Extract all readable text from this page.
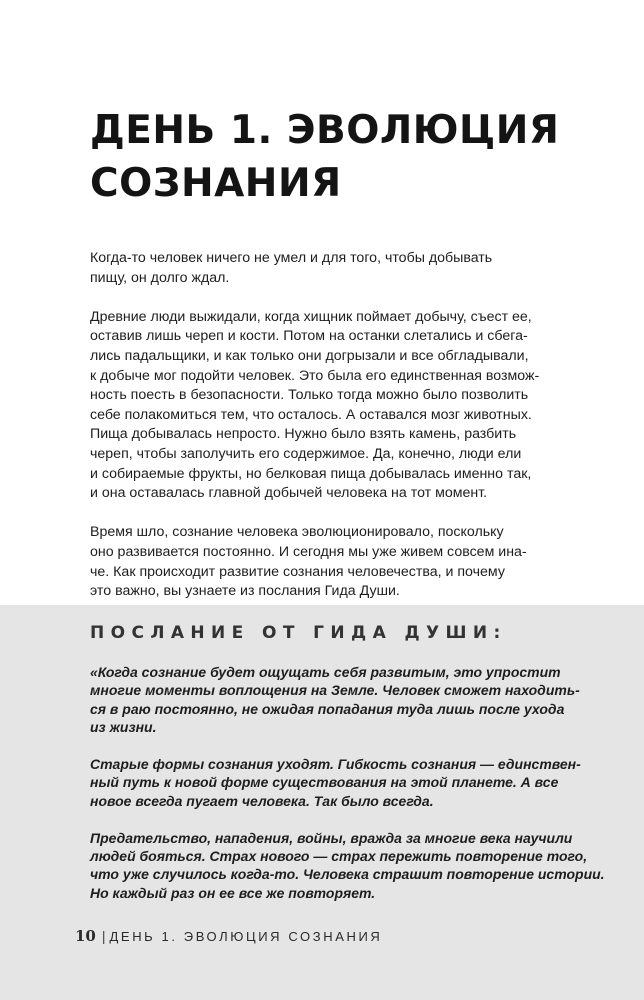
ДЕНЬ 1. ЭВОЛЮЦИЯ
СОЗНАНИЯ

Когда-то человек ничего не умел и для того, чтобы добывать
пищу, он долго ждал.

Древние люди выжидали, когда хищник поймает добычу, съест ее,
оставив лишь череп и кости. Потом на останки слетались и сбега-
лись падальщики, и как только они догрызали и все обгладывали,
к добыче мог подойти человек. Это была его единственная возмож-
ность поесть в безопасности. Только тогда можно было позволить
себе полакомиться тем, что осталось. А оставался мозг животных.
Пища добывалась непросто. Нужно было взять камень, разбить
череп, чтобы заполучить его содержимое. Да, конечно, люди ели
и собираемые фрукты, но белковая пища добывалась именно так,
и она оставалась главной добычей человека на тот момент.

Время шло, сознание человека эволюционировало, поскольку
оно развивается постоянно. И сегодня мы уже живем совсем ина-
че. Как происходит развитие сознания человечества, и почему
это важно, вы узнаете из послания Гида Души.

ПОСЛАНИЕ ОТ ГИДА ДУШИ:

«Когда сознание будет ощущать себя развитым, это упростит
многие моменты воплощения на Земле. Человек сможет находить-
ся в раю постоянно, не ожидая попадания туда лишь после ухода
из жизни.

Старые формы сознания уходят. Гибкость сознания — единствен-
ный путь к новой форме существования на этой планете. А все
новое всегда пугает человека. Так было всегда.

Предательство, нападения, войны, вражда за многие века научили
людей бояться. Страх нового — страх пережить повторение того,
что уже случилось когда-то. Человека страшит повторение истории.
Но каждый раз он ее все же повторяет.

10 | ДЕНЬ 1. ЭВОЛЮЦИЯ СОЗНАНИЯ
